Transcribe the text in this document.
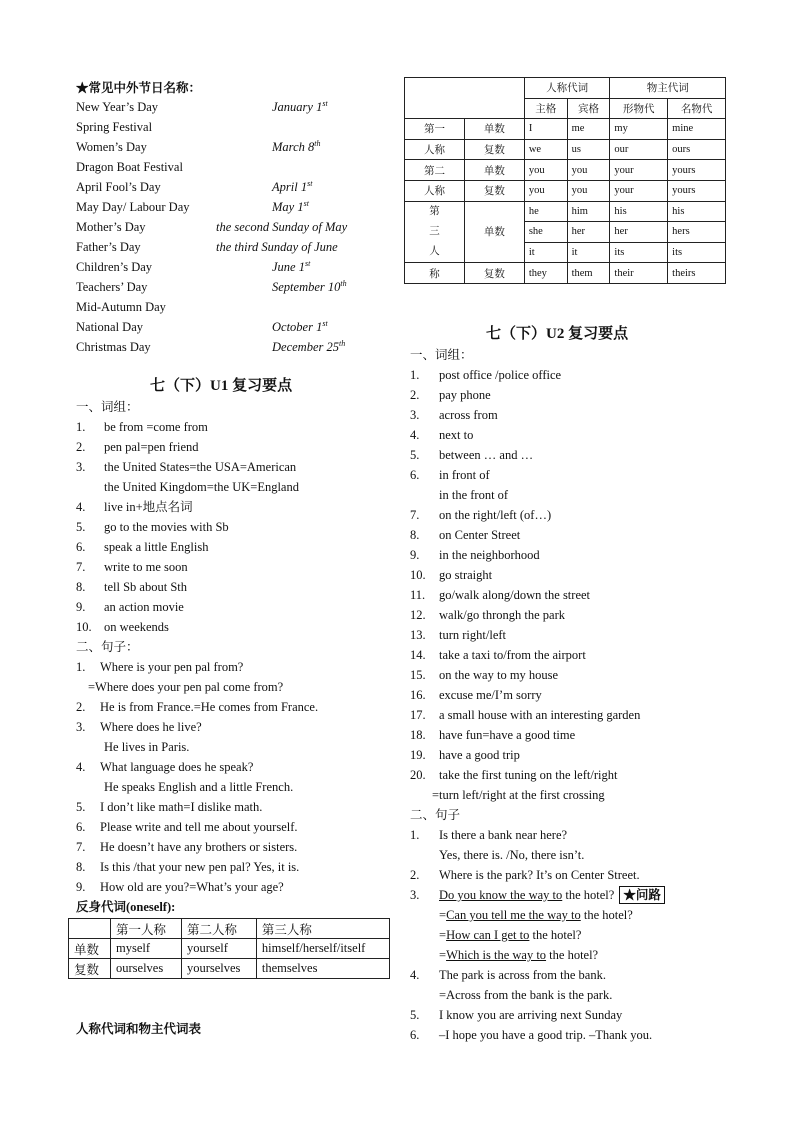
★常见中外节日名称：
New Year’s Day	January 1st
Spring Festival
Women’s Day	March 8th
Dragon Boat Festival
April Fool’s Day	April 1st
May Day/ Labour Day	May 1st
Mother’s Day	the second Sunday of May
Father’s Day	the third Sunday of June
Children’s Day	June 1st
Teachers’ Day	September 10th
Mid-Autumn Day
National Day	October 1st
Christmas Day	December 25th
七（下）U1 复习要点
一、词组：
1. be from =come from
2. pen pal=pen friend
3. the United States=the USA=American
the United Kingdom=the UK=England
4. live in+地点名词
5. go to the movies with Sb
6. speak a little English
7. write to me soon
8. tell Sb about Sth
9. an action movie
10. on weekends
二、句子：
1. Where is your pen pal from?
=Where does your pen pal come from?
2. He is from France.=He comes from France.
3. Where does he live?
He lives in Paris.
4. What language does he speak?
He speaks English and a little French.
5. I don’t like math=I dislike math.
6. Please write and tell me about yourself.
7. He doesn’t have any brothers or sisters.
8. Is this /that your new pen pal? Yes, it is.
9. How old are you?=What’s your age?
反身代词(oneself):
	第一人称	第二人称	第三人称
单数	myself	yourself	himself/herself/itself
复数	ourselves	yourselves	themselves
人称代词和物主代词表
		人称代词		物主代词	
		主格	宾格	形物代	名物代
第一	单数	I	me	my	mine
人称	复数	we	us	our	ours
第二	单数	you	you	your	yours
人称	复数	you	you	your	yours

第
三
人	单数	he	him	his	his
		she	her	her	hers
		it	it	its	its
称	复数	they	them	their	theirs
七（下）U2 复习要点
一、词组：
1. post office /police office
2. pay phone
3. across from
4. next to
5. between … and …
6. in front of
in the front of
7. on the right/left (of…)
8. on Center Street
9. in the neighborhood
10. go straight
11. go/walk along/down the street
12. walk/go throngh the park
13. turn right/left
14. take a taxi to/from the airport
15. on the way to my house
16. excuse me/I’m sorry
17. a small house with an interesting garden
18. have fun=have a good time
19. have a good trip
20. take the first tuning on the left/right
=turn left/right at the first crossing
二、句子
1. Is there a bank near here?
Yes, there is. /No, there isn’t.
2. Where is the park? It’s on Center Street.
3. Do you know the way to the hotel? ★问路
=Can you tell me the way to the hotel?
=How can I get to the hotel?
=Which is the way to the hotel?
4. The park is across from the bank.
=Across from the bank is the park.
5. I know you are arriving next Sunday
6. –I hope you have a good trip. –Thank you.
